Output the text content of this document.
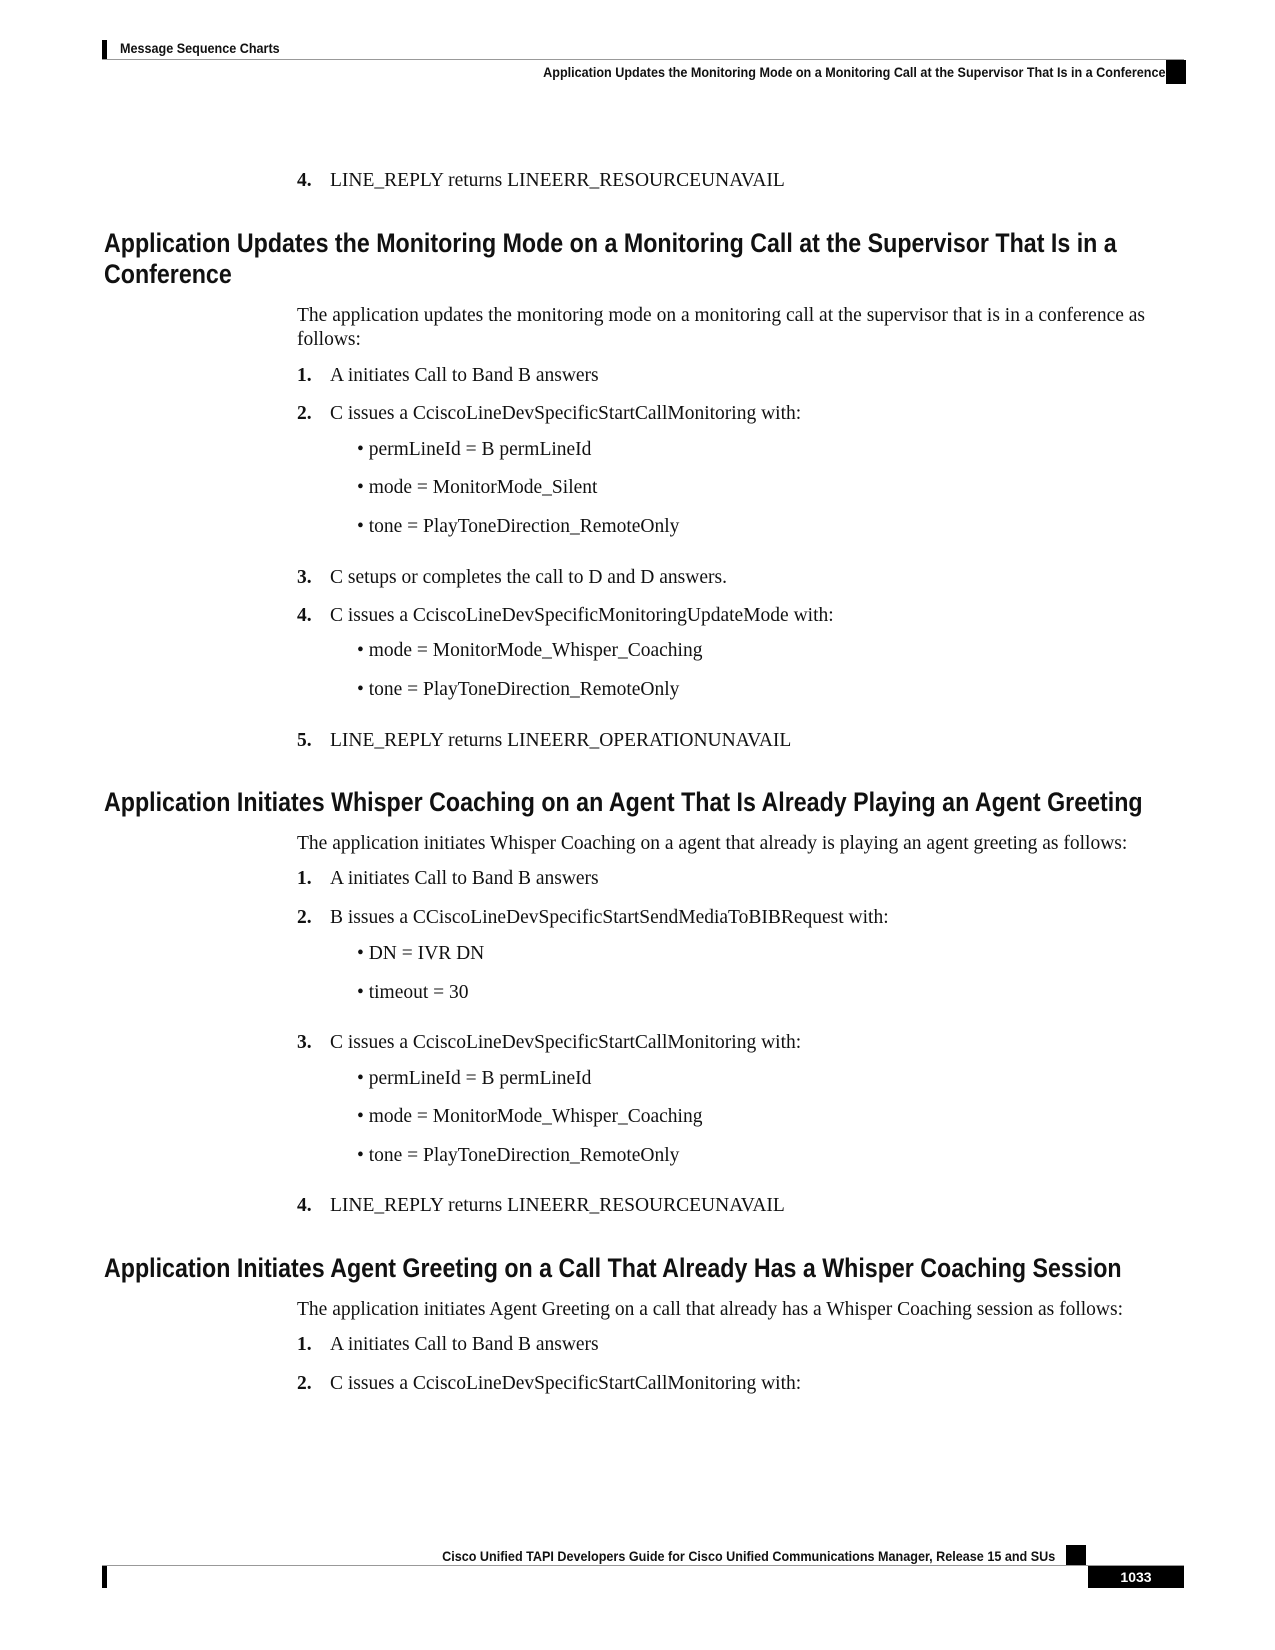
Message Sequence Charts
Application Updates the Monitoring Mode on a Monitoring Call at the Supervisor That Is in a Conference
4. LINE_REPLY returns LINEERR_RESOURCEUNAVAIL
Application Updates the Monitoring Mode on a Monitoring Call at the Supervisor That Is in a
Conference
The application updates the monitoring mode on a monitoring call at the supervisor that is in a conference as
follows:
1. A initiates Call to Band B answers
2. C issues a CciscoLineDevSpecificStartCallMonitoring with:
• permLineId = B permLineId
• mode = MonitorMode_Silent
• tone = PlayToneDirection_RemoteOnly
3. C setups or completes the call to D and D answers.
4. C issues a CciscoLineDevSpecificMonitoringUpdateMode with:
• mode = MonitorMode_Whisper_Coaching
• tone = PlayToneDirection_RemoteOnly
5. LINE_REPLY returns LINEERR_OPERATIONUNAVAIL
Application Initiates Whisper Coaching on an Agent That Is Already Playing an Agent Greeting
The application initiates Whisper Coaching on a agent that already is playing an agent greeting as follows:
1. A initiates Call to Band B answers
2. B issues a CCiscoLineDevSpecificStartSendMediaToBIBRequest with:
• DN = IVR DN
• timeout = 30
3. C issues a CciscoLineDevSpecificStartCallMonitoring with:
• permLineId = B permLineId
• mode = MonitorMode_Whisper_Coaching
• tone = PlayToneDirection_RemoteOnly
4. LINE_REPLY returns LINEERR_RESOURCEUNAVAIL
Application Initiates Agent Greeting on a Call That Already Has a Whisper Coaching Session
The application initiates Agent Greeting on a call that already has a Whisper Coaching session as follows:
1. A initiates Call to Band B answers
2. C issues a CciscoLineDevSpecificStartCallMonitoring with:
Cisco Unified TAPI Developers Guide for Cisco Unified Communications Manager, Release 15 and SUs
1033
